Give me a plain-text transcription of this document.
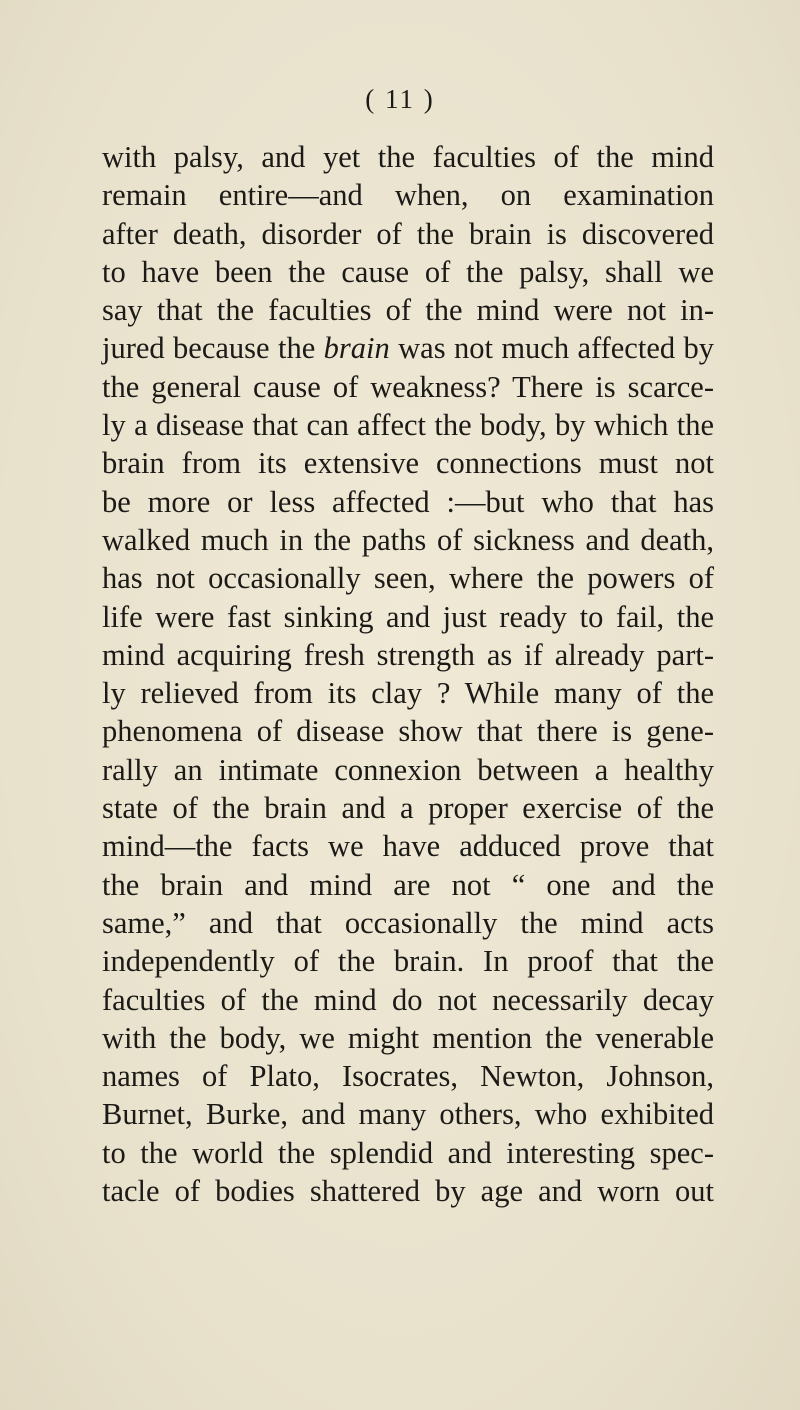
( 11 )
with palsy, and yet the faculties of the mind
remain entire—and when, on examination
after death, disorder of the brain is discovered
to have been the cause of the palsy, shall we
say that the faculties of the mind were not in-
jured because the brain was not much affected by
the general cause of weakness? There is scarce-
ly a disease that can affect the body, by which the
brain from its extensive connections must not
be more or less affected :—but who that has
walked much in the paths of sickness and death,
has not occasionally seen, where the powers of
life were fast sinking and just ready to fail, the
mind acquiring fresh strength as if already part-
ly relieved from its clay ? While many of the
phenomena of disease show that there is gene-
rally an intimate connexion between a healthy
state of the brain and a proper exercise of the
mind—the facts we have adduced prove that
the brain and mind are not “ one and the
same,” and that occasionally the mind acts
independently of the brain. In proof that the
faculties of the mind do not necessarily decay
with the body, we might mention the venerable
names of Plato, Isocrates, Newton, Johnson,
Burnet, Burke, and many others, who exhibited
to the world the splendid and interesting spec-
tacle of bodies shattered by age and worn out
